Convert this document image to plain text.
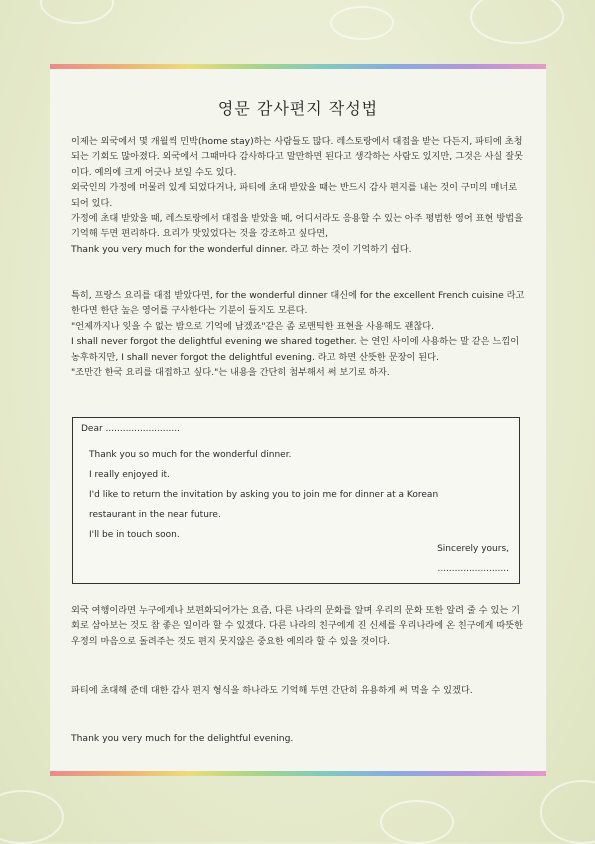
영문 감사편지 작성법

이제는 외국에서 몇 개월씩 민박(home stay)하는 사람들도 많다. 레스토랑에서 대접을 받는 다든지, 파티에 초청되는 기회도 많아졌다. 외국에서 그때마다 감사하다고 말만하면 된다고 생각하는 사람도 있지만, 그것은 사실 잘못이다. 예의에 크게 어긋나 보일 수도 있다.

외국인의 가정에 머물러 있게 되었다거나, 파티에 초대 받았을 때는 반드시 감사 편지를 내는 것이 구미의 매너로 되어 있다.

가정에 초대 받았을 때, 레스토랑에서 대접을 받았을 때, 어디서라도 응용할 수 있는 아주 평범한 영어 표현 방법을 기억해 두면 편리하다. 요리가 맛있었다는 것을 강조하고 싶다면,

Thank you very much for the wonderful dinner. 라고 하는 것이 기억하기 쉽다.

특히, 프랑스 요리를 대접 받았다면, for the wonderful dinner 대신에 for the excellent French cuisine 라고 한다면 한단 높은 영어를 구사한다는 기분이 들지도 모른다.

"언제까지나 잊을 수 없는 밤으로 기억에 남겠죠"같은 좀 로맨틱한 표현을 사용해도 괜찮다.

I shall never forgot the delightful evening we shared together. 는 연인 사이에 사용하는 말 같은 느낌이 농후하지만, I shall never forgot the delightful evening. 라고 하면 산뜻한 문장이 된다.

"조만간 한국 요리를 대접하고 싶다."는 내용을 간단히 첨부해서 써 보기로 하자.

Dear ..........................

Thank you so much for the wonderful dinner.

I really enjoyed it.

I'd like to return the invitation by asking you to join me for dinner at a Korean

restaurant in the near future.

I'll be in touch soon.

Sincerely yours,

.........................

외국 여행이라면 누구에게나 보편화되어가는 요즘, 다른 나라의 문화를 알며 우리의 문화 또한 알려 줄 수 있는 기회로 삼아보는 것도 참 좋은 일이라 할 수 있겠다. 다른 나라의 친구에게 진 신세를 우리나라에 온 친구에게 따뜻한 우정의 마음으로 돌려주는 것도 편지 못지않은 중요한 예의라 할 수 있을 것이다.

파티에 초대해 준데 대한 감사 편지 형식을 하나라도 기억해 두면 간단히 유용하게 써 먹을 수 있겠다.

Thank you very much for the delightful evening.
